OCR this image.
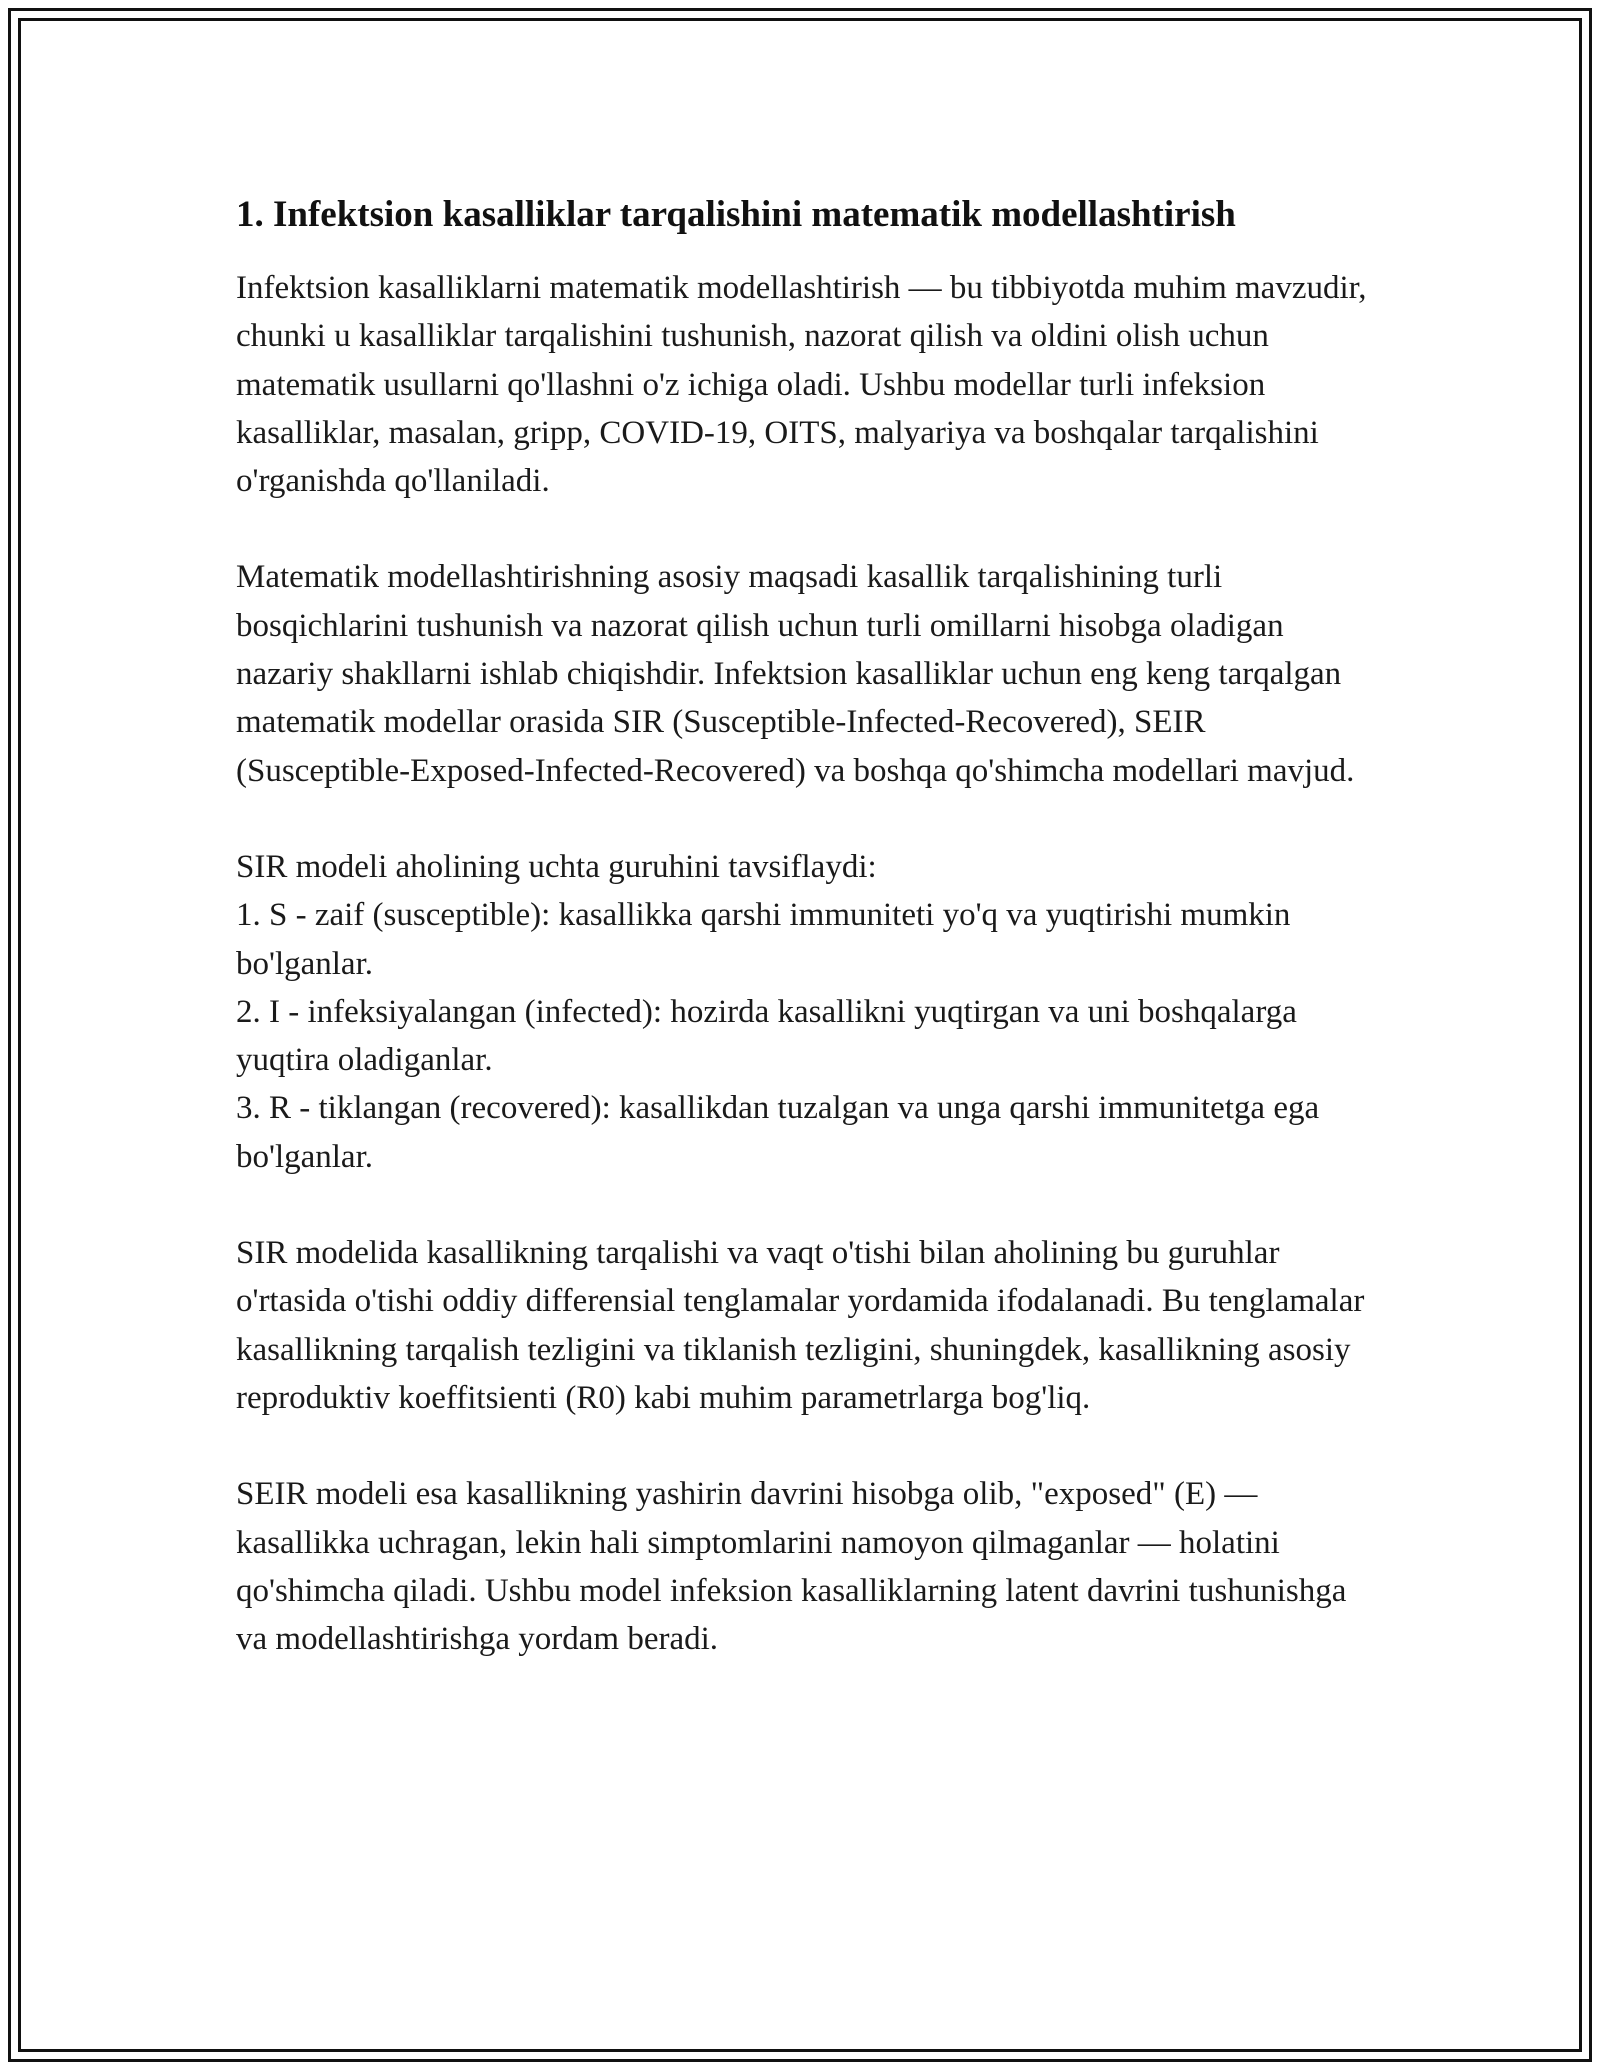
1. Infektsion kasalliklar tarqalishini matematik modellashtirish

Infektsion kasalliklarni matematik modellashtirish — bu tibbiyotda muhim mavzudir, chunki u kasalliklar tarqalishini tushunish, nazorat qilish va oldini olish uchun matematik usullarni qo'llashni o'z ichiga oladi. Ushbu modellar turli infeksion kasalliklar, masalan, gripp, COVID-19, OITS, malyariya va boshqalar tarqalishini o'rganishda qo'llaniladi.

Matematik modellashtirishning asosiy maqsadi kasallik tarqalishining turli bosqichlarini tushunish va nazorat qilish uchun turli omillarni hisobga oladigan nazariy shakllarni ishlab chiqishdir. Infektsion kasalliklar uchun eng keng tarqalgan matematik modellar orasida SIR (Susceptible-Infected-Recovered), SEIR (Susceptible-Exposed-Infected-Recovered) va boshqa qo'shimcha modellari mavjud.

SIR modeli aholining uchta guruhini tavsiflaydi:
1. S - zaif (susceptible): kasallikka qarshi immuniteti yo'q va yuqtirishi mumkin bo'lganlar.
2. I - infeksiyalangan (infected): hozirda kasallikni yuqtirgan va uni boshqalarga yuqtira oladiganlar.
3. R - tiklangan (recovered): kasallikdan tuzalgan va unga qarshi immunitetga ega bo'lganlar.

SIR modelida kasallikning tarqalishi va vaqt o'tishi bilan aholining bu guruhlar o'rtasida o'tishi oddiy differensial tenglamalar yordamida ifodalanadi. Bu tenglamalar kasallikning tarqalish tezligini va tiklanish tezligini, shuningdek, kasallikning asosiy reproduktiv koeffitsienti (R0) kabi muhim parametrlarga bog'liq.

SEIR modeli esa kasallikning yashirin davrini hisobga olib, "exposed" (E) — kasallikka uchragan, lekin hali simptomlarini namoyon qilmaganlar — holatini qo'shimcha qiladi. Ushbu model infeksion kasalliklarning latent davrini tushunishga va modellashtirishga yordam beradi.
